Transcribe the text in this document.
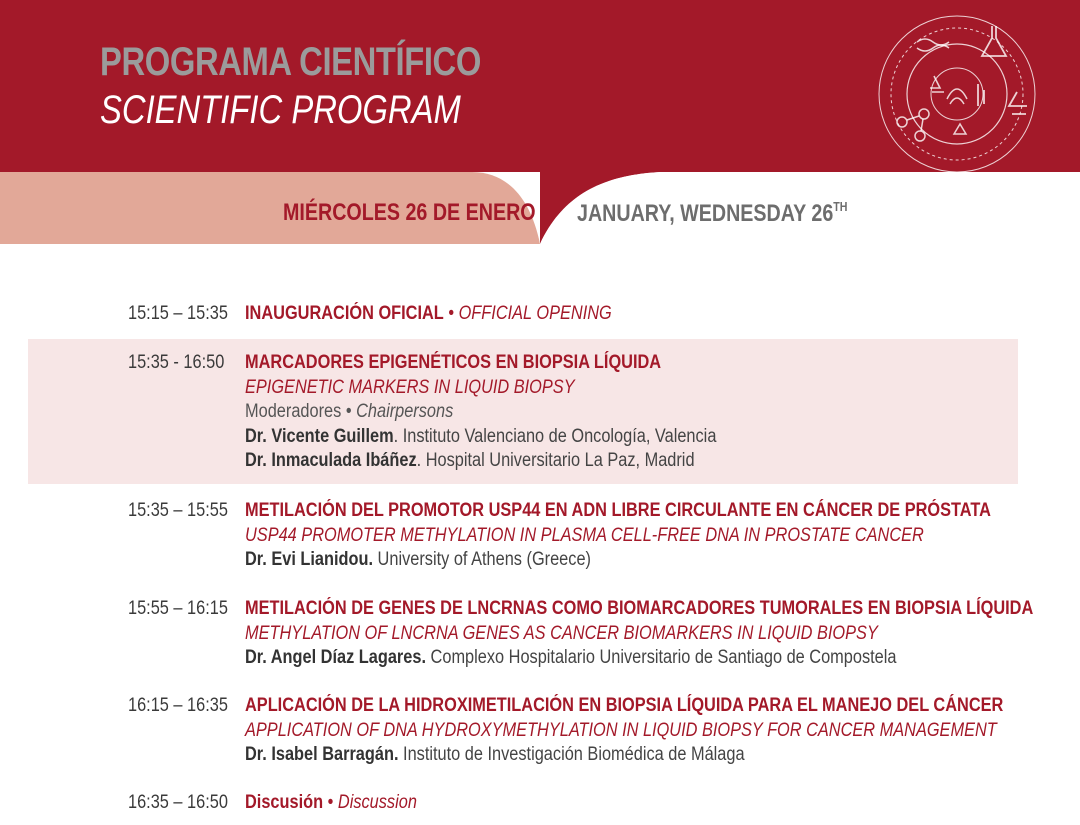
PROGRAMA CIENTÍFICO
SCIENTIFIC PROGRAM
MIÉRCOLES 26 DE ENERO JANUARY, WEDNESDAY 26TH
15:15 – 15:35 INAUGURACIÓN OFICIAL • OFFICIAL OPENING
15:35 - 16:50 MARCADORES EPIGENÉTICOS EN BIOPSIA LÍQUIDA
EPIGENETIC MARKERS IN LIQUID BIOPSY
Moderadores • Chairpersons
Dr. Vicente Guillem. Instituto Valenciano de Oncología, Valencia
Dr. Inmaculada Ibáñez. Hospital Universitario La Paz, Madrid
15:35 – 15:55 METILACIÓN DEL PROMOTOR USP44 EN ADN LIBRE CIRCULANTE EN CÁNCER DE PRÓSTATA
USP44 PROMOTER METHYLATION IN PLASMA CELL-FREE DNA IN PROSTATE CANCER
Dr. Evi Lianidou. University of Athens (Greece)
15:55 – 16:15 METILACIÓN DE GENES DE LNCRNAS COMO BIOMARCADORES TUMORALES EN BIOPSIA LÍQUIDA
METHYLATION OF LNCRNA GENES AS CANCER BIOMARKERS IN LIQUID BIOPSY
Dr. Angel Díaz Lagares. Complexo Hospitalario Universitario de Santiago de Compostela
16:15 – 16:35 APLICACIÓN DE LA HIDROXIMETILACIÓN EN BIOPSIA LÍQUIDA PARA EL MANEJO DEL CÁNCER
APPLICATION OF DNA HYDROXYMETHYLATION IN LIQUID BIOPSY FOR CANCER MANAGEMENT
Dr. Isabel Barragán. Instituto de Investigación Biomédica de Málaga
16:35 – 16:50 Discusión • Discussion
